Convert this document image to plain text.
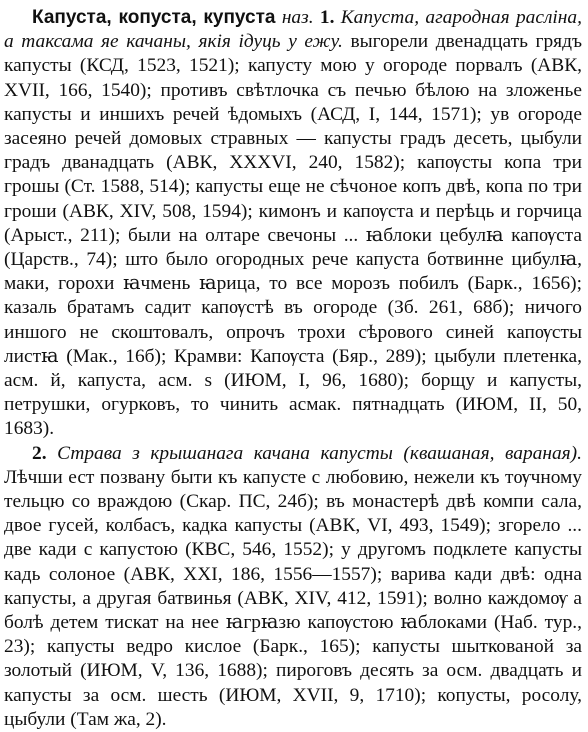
Капуста, копуста, купуста наз. 1. Капуста, агародная расліна, а таксама яе качаны, якія ідуць у ежу. выгорели двенадцать грядъ капусты (КСД, 1523, 1521); капусту мою у огороде порвалъ (АВК, XVII, 166, 1540); противъ свѣтлочка съ печью бѣлою на зложенье капусты и иншихъ речей ѣдомыхъ (АСД, I, 144, 1571); ув огороде засеяно речей домовых стравных — капусты градъ десеть, цыбули градъ дванадцать (АВК, XXXVI, 240, 1582); капѹсты копа три грошы (Ст. 1588, 514); капусты еще не сѣчоное копъ двѣ, копа по три гроши (АВК, XIV, 508, 1594); кимонъ и капѹста и перѣць и горчица (Арыст., 211); были на олтаре свечоны ... ꙗблоки цебулꙗ капѹста (Царств., 74); што было огородных рече капуста ботвинне цибулꙗ, маки, горохи ꙗчмень ꙗрица, то все морозъ побилъ (Барк., 1656); казаль братамъ садит капѹстѣ въ огороде (Зб. 261, 68б); ничого иншого не скоштовалъ, опрочъ трохи сѣрового синей капѹсты листꙗ (Мак., 16б); Крамви: Капѹста (Бяр., 289); цыбули плетенка, асм. й, капуста, асм. ѕ (ИЮМ, I, 96, 1680); борщу и капусты, петрушки, огурковъ, то чинить асмак. пятнадцать (ИЮМ, II, 50, 1683).

2. Страва з крышанага качана капусты (квашаная, вараная). Лѣчши ест позвану быти къ капусте с любовию, нежели къ тѹчному тельцю со враждою (Скар. ПС, 24б); въ монастерѣ двѣ компи сала, двое гусей, колбасъ, кадка капусты (АВК, VI, 493, 1549); згорело ... две кади с капустою (КВС, 546, 1552); у другомъ подклете капусты кадь солоное (АВК, XXI, 186, 1556—1557); варива кади двѣ: одна капусты, а другая батвинья (АВК, XIV, 412, 1591); волно каждомѹ а болѣ детем тискат на нее ꙗгрꙗзю капѹстою ꙗблоками (Наб. тур., 23); капусты ведро кислое (Барк., 165); капусты шыткованой за золотый (ИЮМ, V, 136, 1688); пироговъ десять за осм. двадцать и капусты за осм. шесть (ИЮМ, XVII, 9, 1710); копусты, росолу, цыбули (Там жа, 2).
